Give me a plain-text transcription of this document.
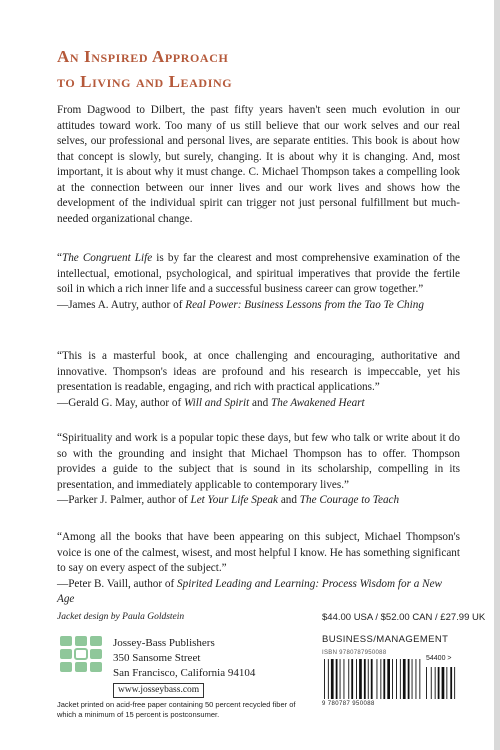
An Inspired Approach
to Living and Leading
From Dagwood to Dilbert, the past fifty years haven't seen much evolution in our attitudes toward work. Too many of us still believe that our work selves and our real selves, our professional and personal lives, are separate entities. This book is about how that concept is slowly, but surely, changing. It is about why it is changing. And, most important, it is about why it must change. C. Michael Thompson takes a compelling look at the connection between our inner lives and our work lives and shows how the development of the individual spirit can trigger not just personal fulfillment but much-needed organizational change.
“The Congruent Life is by far the clearest and most comprehensive examination of the intellectual, emotional, psychological, and spiritual imperatives that provide the fertile soil in which a rich inner life and a successful business career can grow together.”
—James A. Autry, author of Real Power: Business Lessons from the Tao Te Ching
“This is a masterful book, at once challenging and encouraging, authoritative and innovative. Thompson's ideas are profound and his research is impeccable, yet his presentation is readable, engaging, and rich with practical applications.”
—Gerald G. May, author of Will and Spirit and The Awakened Heart
“Spirituality and work is a popular topic these days, but few who talk or write about it do so with the grounding and insight that Michael Thompson has to offer. Thompson provides a guide to the subject that is sound in its scholarship, compelling in its presentation, and immediately applicable to contemporary lives.”
—Parker J. Palmer, author of Let Your Life Speak and The Courage to Teach
“Among all the books that have been appearing on this subject, Michael Thompson's voice is one of the calmest, wisest, and most helpful I know. He has something significant to say on every aspect of the subject.”
—Peter B. Vaill, author of Spirited Leading and Learning: Process Wisdom for a New Age
Jacket design by Paula Goldstein
Jossey-Bass Publishers
350 Sansome Street
San Francisco, California 94104
www.josseybass.com
Jacket printed on acid-free paper containing 50 percent recycled fiber of which a minimum of 15 percent is postconsumer.
$44.00 USA / $52.00 CAN / £27.99 UK
BUSINESS/MANAGEMENT
ISBN 9780787950088
54400 >
9 780787 950088
